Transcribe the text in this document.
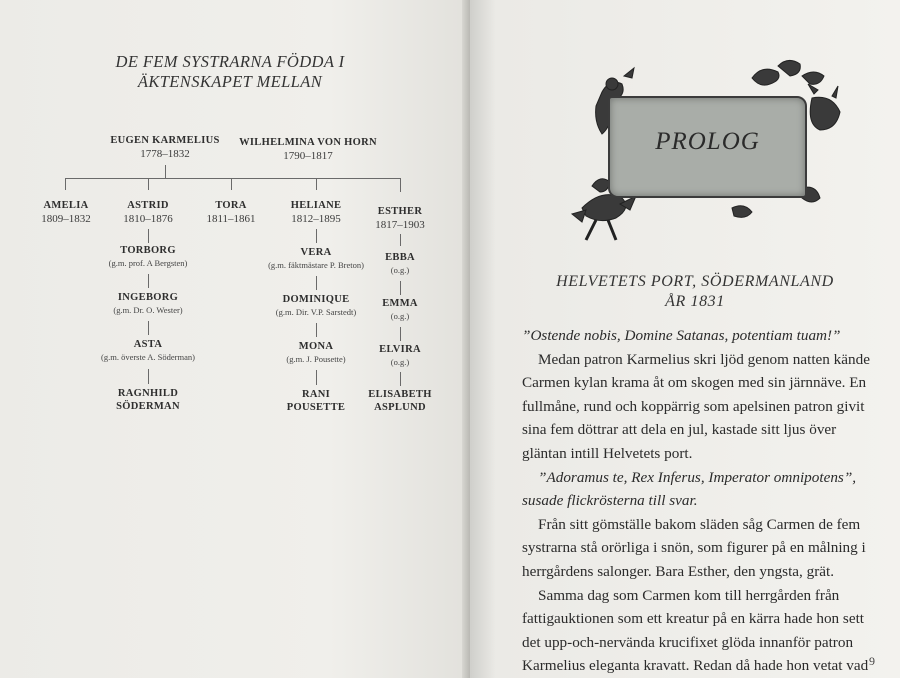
DE FEM SYSTRARNA FÖDDA I
ÄKTENSKAPET MELLAN
EUGEN KARMELIUS
1778–1832
WILHELMINA VON HORN
1790–1817
AMELIA
1809–1832
ASTRID
1810–1876
TORA
1811–1861
HELIANE
1812–1895
ESTHER
1817–1903
TORBORG
(g.m. prof. A Bergsten)
INGEBORG
(g.m. Dr. O. Wester)
ASTA
(g.m. överste A. Söderman)
RAGNHILD
SÖDERMAN
VERA
(g.m. fäktmästare P. Breton)
DOMINIQUE
(g.m. Dir. V.P. Sarstedt)
MONA
(g.m. J. Pousette)
RANI
POUSETTE
EBBA
(o.g.)
EMMA
(o.g.)
ELVIRA
(o.g.)
ELISABETH
ASPLUND
PROLOG
HELVETETS PORT, SÖDERMANLAND
ÅR 1831

”Ostende nobis, Domine Satanas, potentiam tuam!”

Medan patron Karmelius skri ljöd genom natten kände Carmen kylan krama åt om skogen med sin järnnäve. En fullmåne, rund och koppärrig som apelsinen patron givit sina fem döttrar att dela en jul, kastade sitt ljus över gläntan intill Helvetets port.

”Adoramus te, Rex Inferus, Imperator omnipotens”, susade flickrösterna till svar.

Från sitt gömställe bakom släden såg Carmen de fem systrarna stå orörliga i snön, som figurer på en målning i herrgårdens salonger. Bara Esther, den yngsta, grät.

Samma dag som Carmen kom till herrgården från fattigauktionen som ett kreatur på en kärra hade hon sett det upp-och-nervända krucifixet glöda innanför patron Karmelius eleganta kravatt. Redan då hade hon vetat vad 9
